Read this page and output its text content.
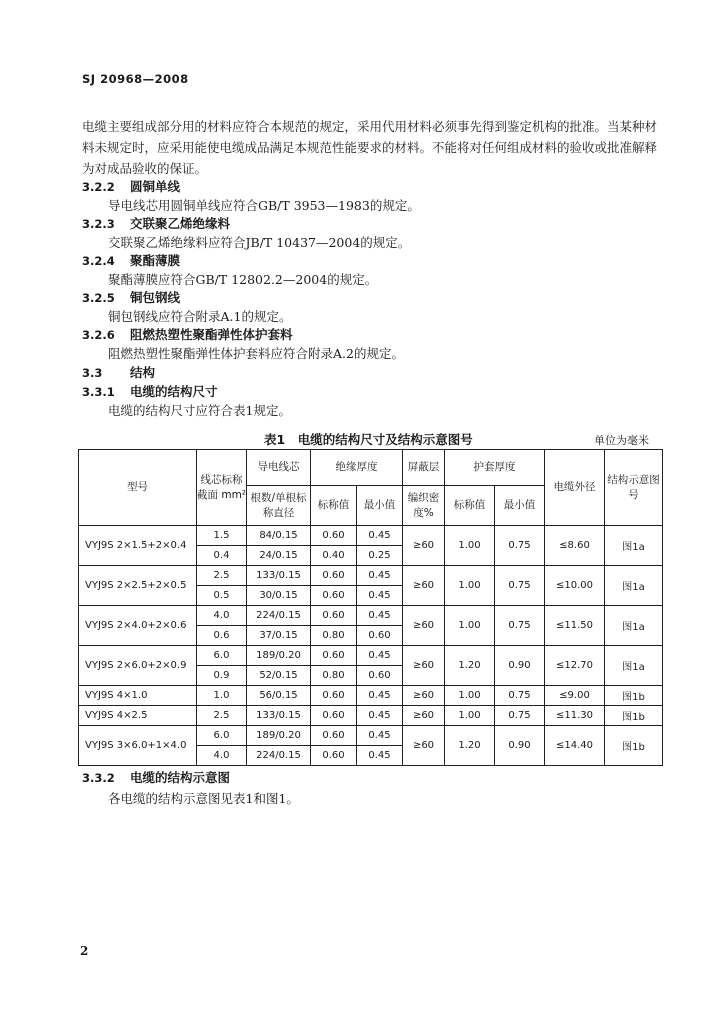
SJ 20968—2008
电缆主要组成部分用的材料应符合本规范的规定，采用代用材料必须事先得到鉴定机构的批准。当某种材料未规定时，应采用能使电缆成品满足本规范性能要求的材料。不能将对任何组成材料的验收或批准解释为对成品验收的保证。
3.2.2 圆铜单线
导电线芯用圆铜单线应符合GB/T 3953—1983的规定。
3.2.3 交联聚乙烯绝缘料
交联聚乙烯绝缘料应符合JB/T 10437—2004的规定。
3.2.4 聚酯薄膜
聚酯薄膜应符合GB/T 12802.2—2004的规定。
3.2.5 铜包钢线
铜包钢线应符合附录A.1的规定。
3.2.6 阻燃热塑性聚酯弹性体护套料
阻燃热塑性聚酯弹性体护套料应符合附录A.2的规定。
3.3 结构
3.3.1 电缆的结构尺寸
电缆的结构尺寸应符合表1规定。
表1　电缆的结构尺寸及结构示意图号	单位为毫米
型号	线芯标称截面 mm²	导电线芯	绝缘厚度		屏蔽层	护套厚度		电缆外径	结构示意图号
		根数/单根标称直径	标称值	最小值	编织密度%	标称值	最小值		
VYJ9S 2×1.5+2×0.4	1.5	84/0.15	0.60	0.45	≥60	1.00	0.75	≤8.60	图1a
	0.4	24/0.15	0.40	0.25					
VYJ9S 2×2.5+2×0.5	2.5	133/0.15	0.60	0.45	≥60	1.00	0.75	≤10.00	图1a
	0.5	30/0.15	0.60	0.45					
VYJ9S 2×4.0+2×0.6	4.0	224/0.15	0.60	0.45	≥60	1.00	0.75	≤11.50	图1a
	0.6	37/0.15	0.80	0.60					
VYJ9S 2×6.0+2×0.9	6.0	189/0.20	0.60	0.45	≥60	1.20	0.90	≤12.70	图1a
	0.9	52/0.15	0.80	0.60					
VYJ9S 4×1.0	1.0	56/0.15	0.60	0.45	≥60	1.00	0.75	≤9.00	图1b
VYJ9S 4×2.5	2.5	133/0.15	0.60	0.45	≥60	1.00	0.75	≤11.30	图1b
VYJ9S 3×6.0+1×4.0	6.0	189/0.20	0.60	0.45	≥60	1.20	0.90	≤14.40	图1b
	4.0	224/0.15	0.60	0.45					
3.3.2 电缆的结构示意图
各电缆的结构示意图见表1和图1。
2
